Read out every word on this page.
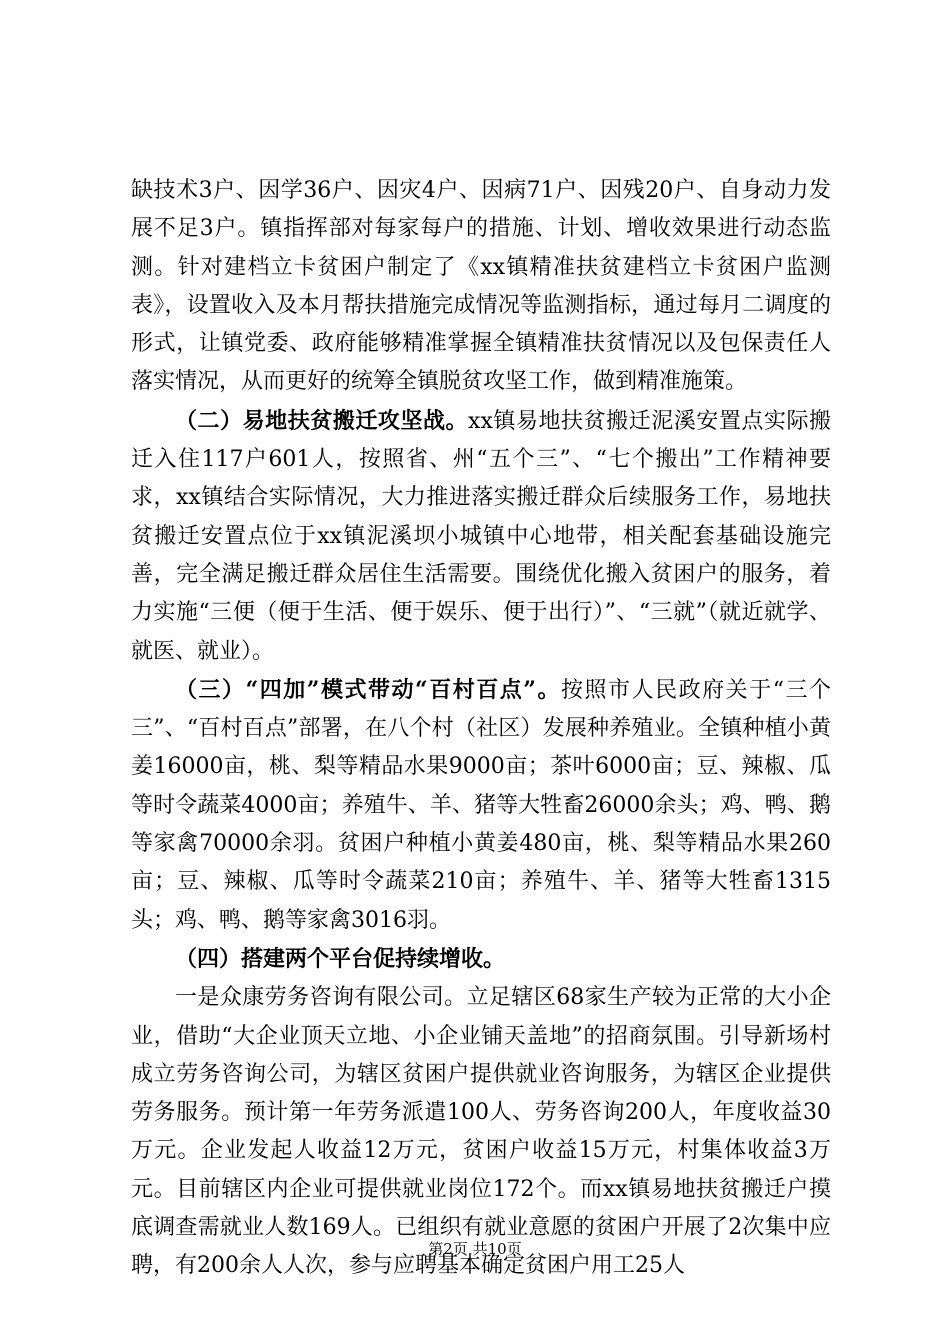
缺技术3户、因学36户、因灾4户、因病71户、因残20户、自身动力发展不足3户。镇指挥部对每家每户的措施、计划、增收效果进行动态监测。针对建档立卡贫困户制定了《xx镇精准扶贫建档立卡贫困户监测表》，设置收入及本月帮扶措施完成情况等监测指标，通过每月二调度的形式，让镇党委、政府能够精准掌握全镇精准扶贫情况以及包保责任人落实情况，从而更好的统筹全镇脱贫攻坚工作，做到精准施策。

（二）易地扶贫搬迁攻坚战。xx镇易地扶贫搬迁泥溪安置点实际搬迁入住117户601人，按照省、州“五个三”、“七个搬出”工作精神要求，xx镇结合实际情况，大力推进落实搬迁群众后续服务工作，易地扶贫搬迁安置点位于xx镇泥溪坝小城镇中心地带，相关配套基础设施完善，完全满足搬迁群众居住生活需要。围绕优化搬入贫困户的服务，着力实施“三便（便于生活、便于娱乐、便于出行）”、“三就”（就近就学、就医、就业）。

（三）“四加”模式带动“百村百点”。按照市人民政府关于“三个三”、“百村百点”部署，在八个村（社区）发展种养殖业。全镇种植小黄姜16000亩，桃、梨等精品水果9000亩；茶叶6000亩；豆、辣椒、瓜等时令蔬菜4000亩；养殖牛、羊、猪等大牲畜26000余头；鸡、鸭、鹅等家禽70000余羽。贫困户种植小黄姜480亩，桃、梨等精品水果260亩；豆、辣椒、瓜等时令蔬菜210亩；养殖牛、羊、猪等大牲畜1315头；鸡、鸭、鹅等家禽3016羽。

（四）搭建两个平台促持续增收。

一是众康劳务咨询有限公司。立足辖区68家生产较为正常的大小企业，借助“大企业顶天立地、小企业铺天盖地”的招商氛围。引导新场村成立劳务咨询公司，为辖区贫困户提供就业咨询服务，为辖区企业提供劳务服务。预计第一年劳务派遣100人、劳务咨询200人，年度收益30万元。企业发起人收益12万元，贫困户收益15万元，村集体收益3万元。目前辖区内企业可提供就业岗位172个。而xx镇易地扶贫搬迁户摸底调查需就业人数169人。已组织有就业意愿的贫困户开展了2次集中应聘，有200余人人次，参与应聘基本确定贫困户用工25人

第2页 共10页
